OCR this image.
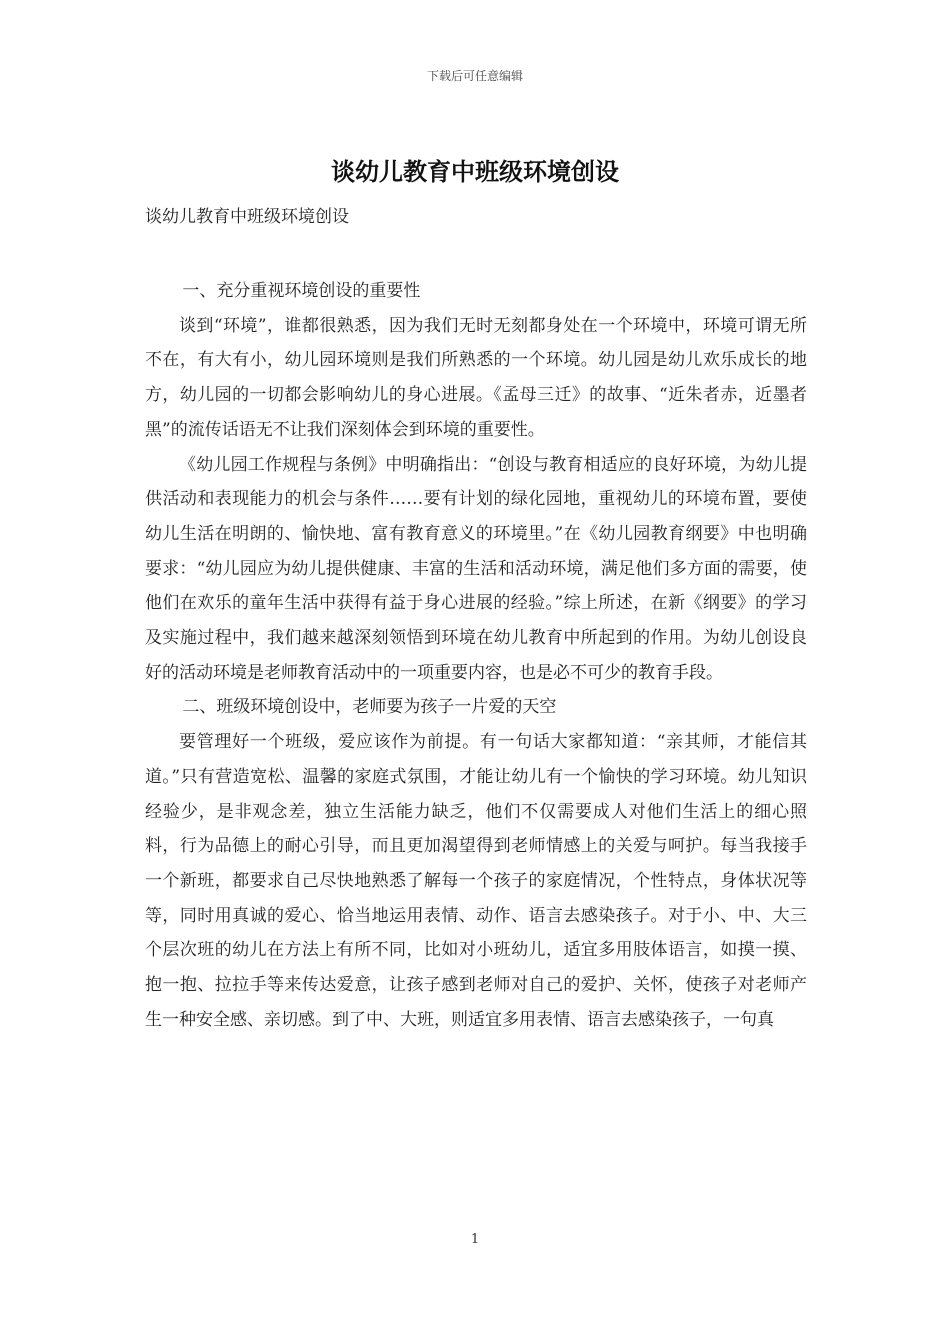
下载后可任意编辑
谈幼儿教育中班级环境创设
谈幼儿教育中班级环境创设

一、充分重视环境创设的重要性

谈到“环境”，谁都很熟悉，因为我们无时无刻都身处在一个环境中，环境可谓无所不在，有大有小，幼儿园环境则是我们所熟悉的一个环境。幼儿园是幼儿欢乐成长的地方，幼儿园的一切都会影响幼儿的身心进展。《孟母三迁》的故事、“近朱者赤，近墨者黑”的流传话语无不让我们深刻体会到环境的重要性。

《幼儿园工作规程与条例》中明确指出：“创设与教育相适应的良好环境，为幼儿提供活动和表现能力的机会与条件……要有计划的绿化园地，重视幼儿的环境布置，要使幼儿生活在明朗的、愉快地、富有教育意义的环境里。”在《幼儿园教育纲要》中也明确要求：“幼儿园应为幼儿提供健康、丰富的生活和活动环境，满足他们多方面的需要，使他们在欢乐的童年生活中获得有益于身心进展的经验。”综上所述，在新《纲要》的学习及实施过程中，我们越来越深刻领悟到环境在幼儿教育中所起到的作用。为幼儿创设良好的活动环境是老师教育活动中的一项重要内容，也是必不可少的教育手段。

二、班级环境创设中，老师要为孩子一片爱的天空

要管理好一个班级，爱应该作为前提。有一句话大家都知道：“亲其师，才能信其道。”只有营造宽松、温馨的家庭式氛围，才能让幼儿有一个愉快的学习环境。幼儿知识经验少，是非观念差，独立生活能力缺乏，他们不仅需要成人对他们生活上的细心照料，行为品德上的耐心引导，而且更加渴望得到老师情感上的关爱与呵护。每当我接手一个新班，都要求自己尽快地熟悉了解每一个孩子的家庭情况，个性特点，身体状况等等，同时用真诚的爱心、恰当地运用表情、动作、语言去感染孩子。对于小、中、大三个层次班的幼儿在方法上有所不同，比如对小班幼儿，适宜多用肢体语言，如摸一摸、抱一抱、拉拉手等来传达爱意，让孩子感到老师对自己的爱护、关怀，使孩子对老师产生一种安全感、亲切感。到了中、大班，则适宜多用表情、语言去感染孩子，一句真

1
